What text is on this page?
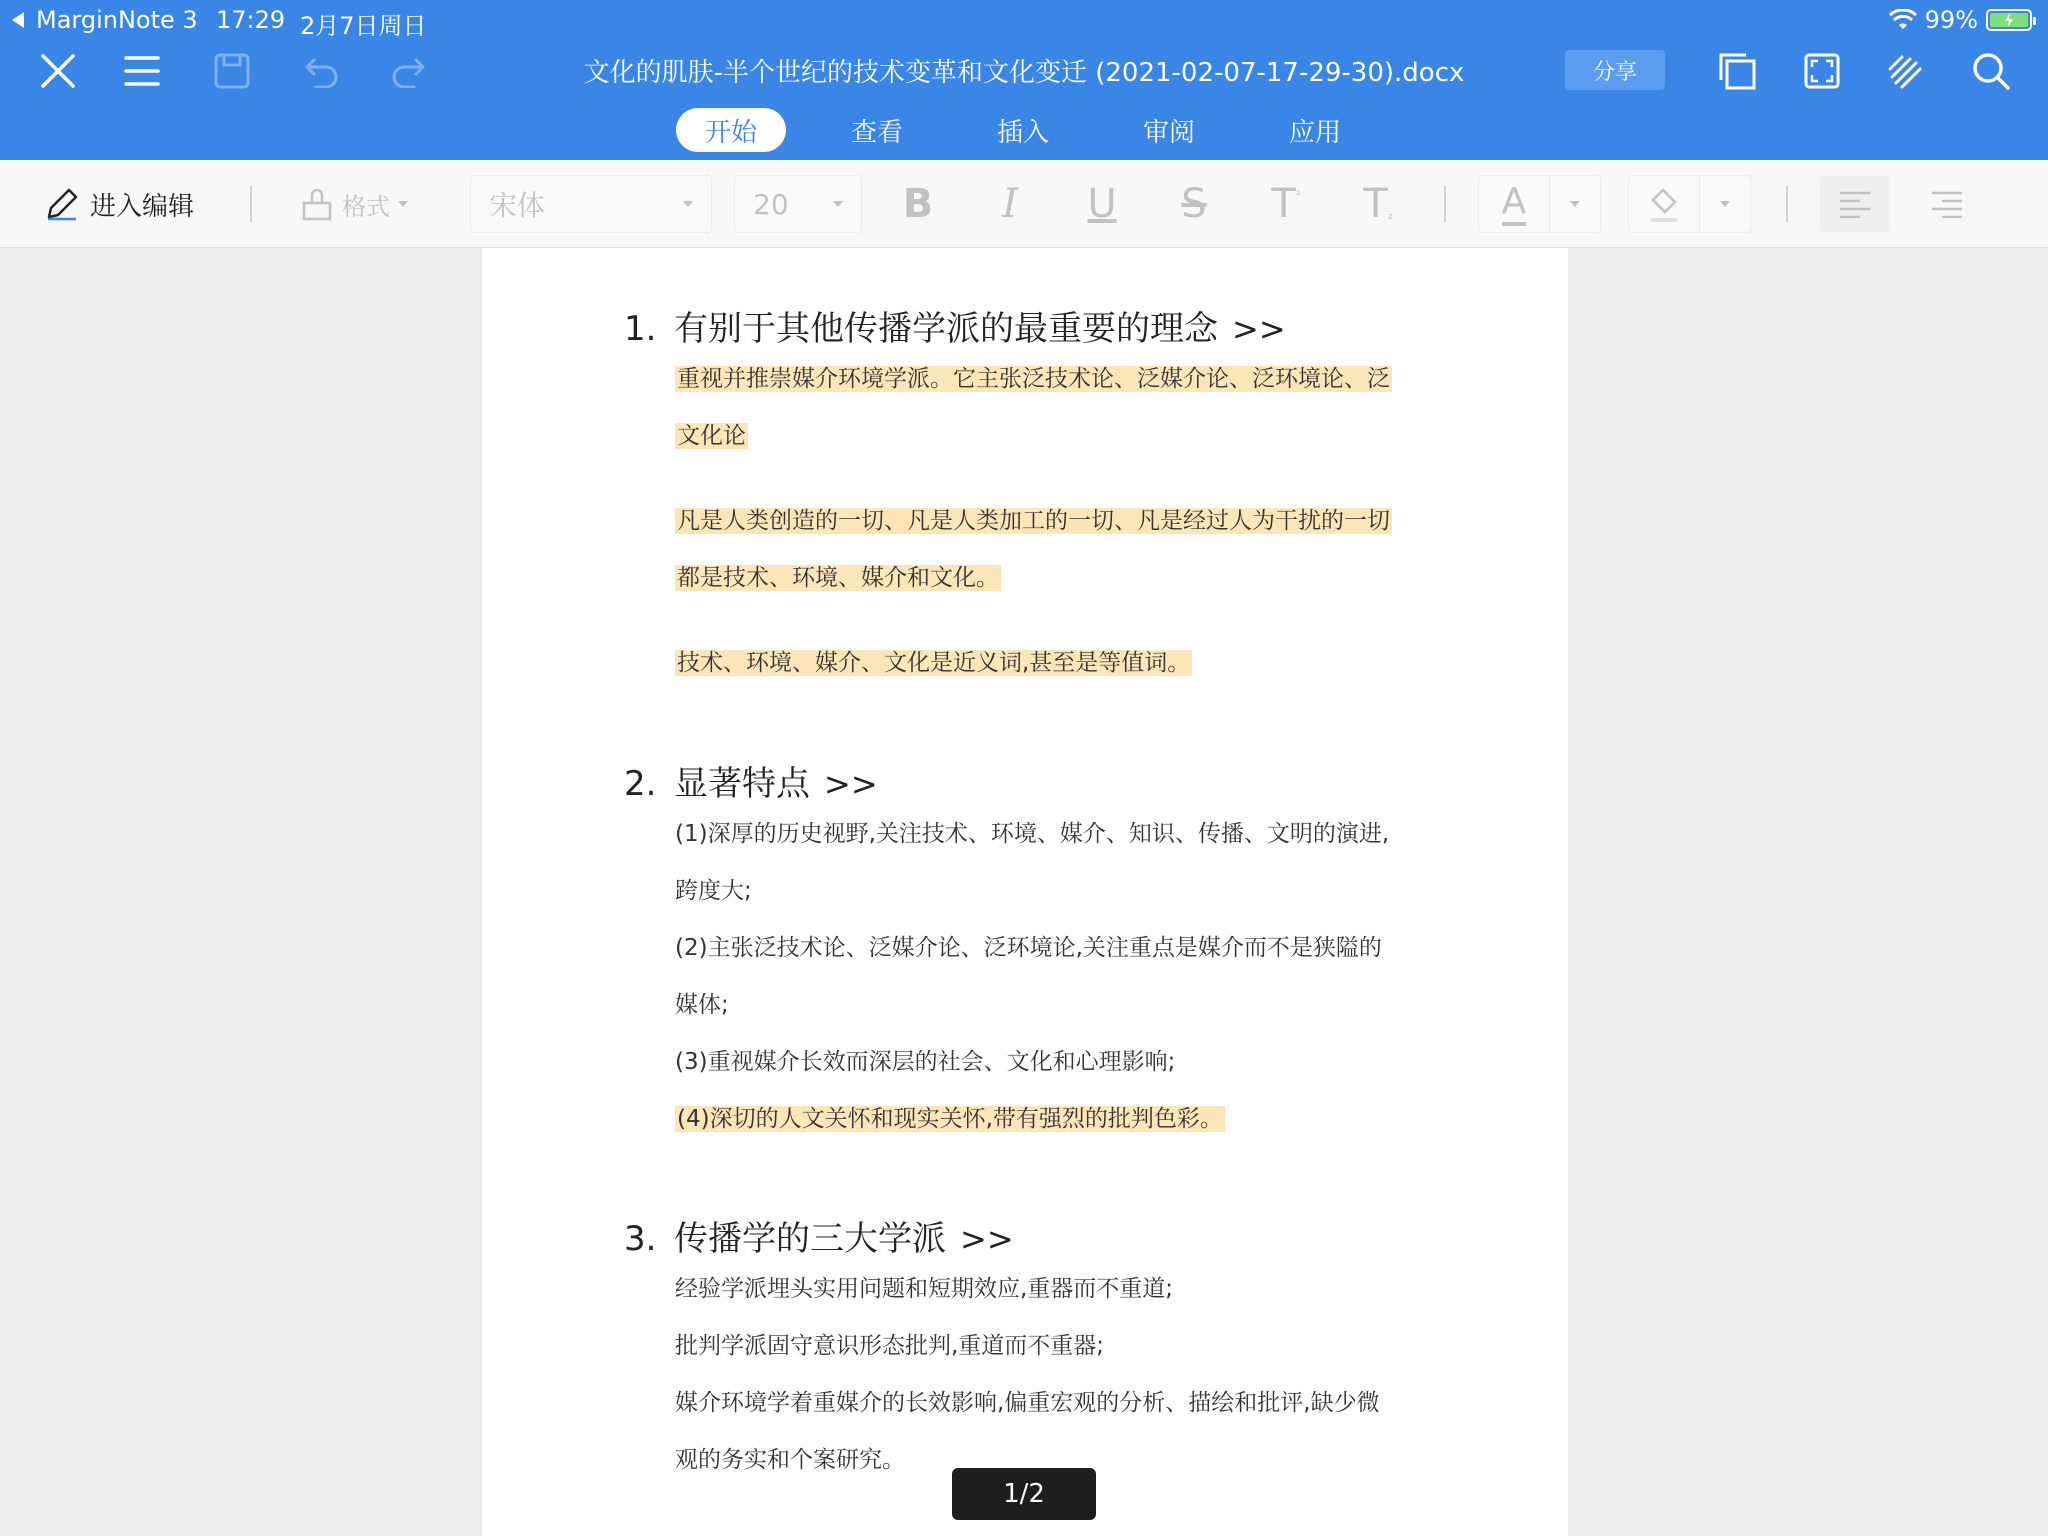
MarginNote 3 17:29 2月7日周日	99%
文化的肌肤-半个世纪的技术变革和文化变迁 (2021-02-07-17-29-30).docx	分享
开始	查看	插入	审阅	应用
进入编辑	格式	宋体	20	B	I	U	S	T ² T ₂	A
1. 有别于其他传播学派的最重要的理念 >>
重视并推崇媒介环境学派。它主张泛技术论、泛媒介论、泛环境论、泛
文化论
凡是人类创造的一切、凡是人类加工的一切、凡是经过人为干扰的一切
都是技术、环境、媒介和文化。
技术、环境、媒介、文化是近义词,甚至是等值词。
2. 显著特点 >>
(1)深厚的历史视野,关注技术、环境、媒介、知识、传播、文明的演进,
跨度大;
(2)主张泛技术论、泛媒介论、泛环境论,关注重点是媒介而不是狭隘的
媒体;
(3)重视媒介长效而深层的社会、文化和心理影响;
(4)深切的人文关怀和现实关怀,带有强烈的批判色彩。
3. 传播学的三大学派 >>
经验学派埋头实用问题和短期效应,重器而不重道;
批判学派固守意识形态批判,重道而不重器;
媒介环境学着重媒介的长效影响,偏重宏观的分析、描绘和批评,缺少微
观的务实和个案研究。
1/2
